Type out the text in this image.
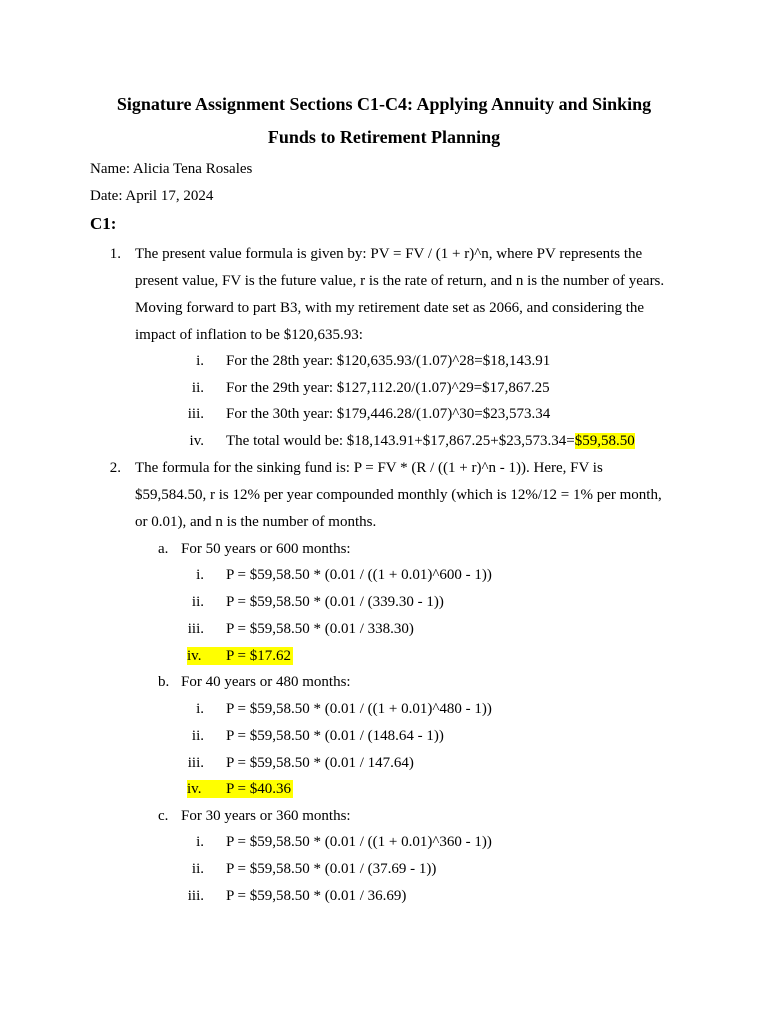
Signature Assignment Sections C1-C4: Applying Annuity and Sinking
Funds to Retirement Planning
Name: Alicia Tena Rosales
Date: April 17, 2024
C1:
1. The present value formula is given by: PV = FV / (1 + r)^n, where PV represents the
present value, FV is the future value, r is the rate of return, and n is the number of years.
Moving forward to part B3, with my retirement date set as 2066, and considering the
impact of inflation to be $120,635.93:
i. For the 28th year: $120,635.93/(1.07)^28=$18,143.91
ii. For the 29th year: $127,112.20/(1.07)^29=$17,867.25
iii. For the 30th year: $179,446.28/(1.07)^30=$23,573.34
iv. The total would be: $18,143.91+$17,867.25+$23,573.34=$59,58.50
2. The formula for the sinking fund is: P = FV * (R / ((1 + r)^n - 1)). Here, FV is
$59,584.50, r is 12% per year compounded monthly (which is 12%/12 = 1% per month,
or 0.01), and n is the number of months.
a. For 50 years or 600 months:
i. P = $59,58.50 * (0.01 / ((1 + 0.01)^600 - 1))
ii. P = $59,58.50 * (0.01 / (339.30 - 1))
iii. P = $59,58.50 * (0.01 / 338.30)
iv. P = $17.62
b. For 40 years or 480 months:
i. P = $59,58.50 * (0.01 / ((1 + 0.01)^480 - 1))
ii. P = $59,58.50 * (0.01 / (148.64 - 1))
iii. P = $59,58.50 * (0.01 / 147.64)
iv. P = $40.36
c. For 30 years or 360 months:
i. P = $59,58.50 * (0.01 / ((1 + 0.01)^360 - 1))
ii. P = $59,58.50 * (0.01 / (37.69 - 1))
iii. P = $59,58.50 * (0.01 / 36.69)
